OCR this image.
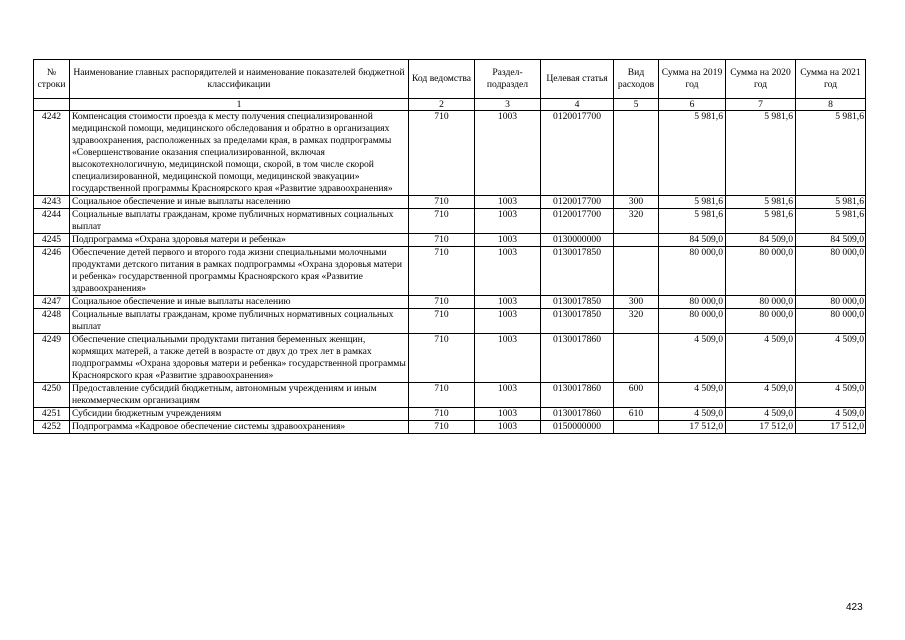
№ строки	Наименование главных распорядителей и наименование показателей бюджетной классификации	Код ведомства	Раздел-подраздел	Целевая статья	Вид расходов	Сумма на 2019 год	Сумма на 2020 год	Сумма на 2021 год
	1	2	3	4	5	6	7	8
4242	Компенсация стоимости проезда к месту получения специализированной медицинской помощи, медицинского обследования и обратно в организациях здравоохранения, расположенных за пределами края, в рамках подпрограммы «Совершенствование оказания специализированной, включая высокотехнологичную, медицинской помощи, скорой, в том числе скорой специализированной, медицинской помощи, медицинской эвакуации» государственной программы Красноярского края «Развитие здравоохранения»	710	1003	0120017700		5 981,6	5 981,6	5 981,6
4243	Социальное обеспечение и иные выплаты населению	710	1003	0120017700	300	5 981,6	5 981,6	5 981,6
4244	Социальные выплаты гражданам, кроме публичных нормативных социальных выплат	710	1003	0120017700	320	5 981,6	5 981,6	5 981,6
4245	Подпрограмма «Охрана здоровья матери и ребенка»	710	1003	0130000000		84 509,0	84 509,0	84 509,0
4246	Обеспечение детей первого и второго года жизни специальными молочными продуктами детского питания в рамках подпрограммы «Охрана здоровья матери и ребенка» государственной программы Красноярского края «Развитие здравоохранения»	710	1003	0130017850		80 000,0	80 000,0	80 000,0
4247	Социальное обеспечение и иные выплаты населению	710	1003	0130017850	300	80 000,0	80 000,0	80 000,0
4248	Социальные выплаты гражданам, кроме публичных нормативных социальных выплат	710	1003	0130017850	320	80 000,0	80 000,0	80 000,0
4249	Обеспечение специальными продуктами питания беременных женщин, кормящих матерей, а также детей в возрасте от двух до трех лет в рамках подпрограммы «Охрана здоровья матери и ребенка» государственной программы Красноярского края «Развитие здравоохранения»	710	1003	0130017860		4 509,0	4 509,0	4 509,0
4250	Предоставление субсидий бюджетным, автономным учреждениям и иным некоммерческим организациям	710	1003	0130017860	600	4 509,0	4 509,0	4 509,0
4251	Субсидии бюджетным учреждениям	710	1003	0130017860	610	4 509,0	4 509,0	4 509,0
4252	Подпрограмма «Кадровое обеспечение системы здравоохранения»	710	1003	0150000000		17 512,0	17 512,0	17 512,0
423
